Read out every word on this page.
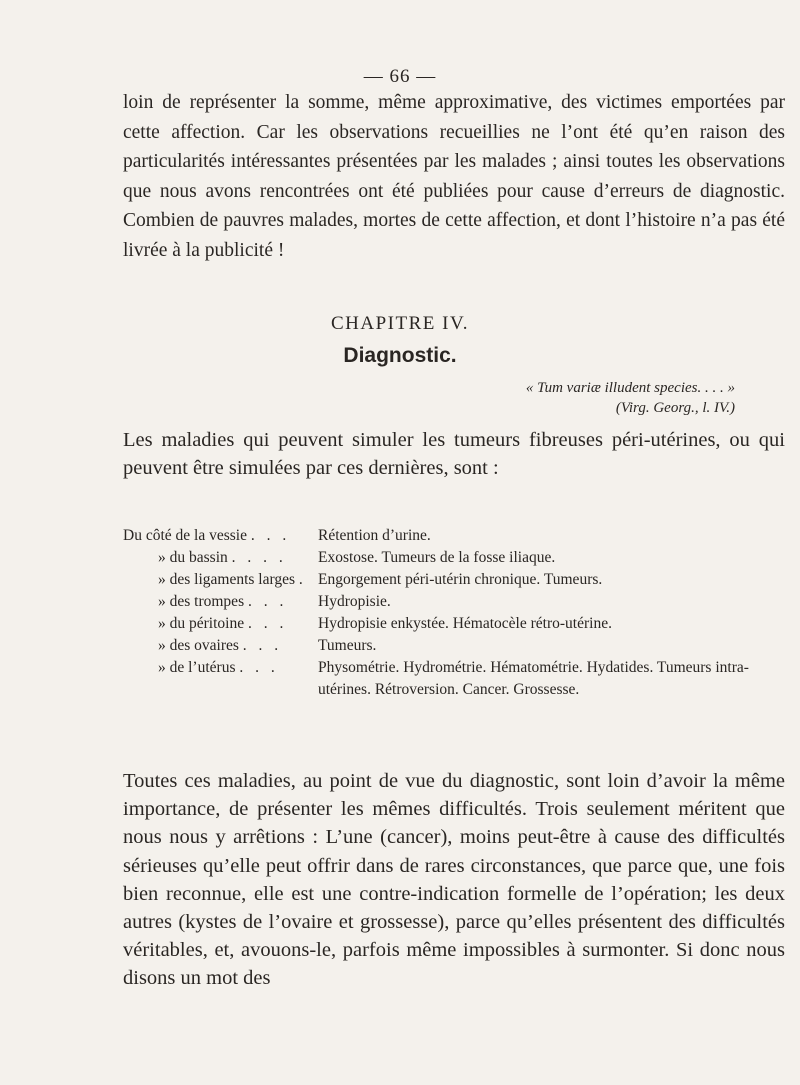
— 66 —
loin de représenter la somme, même approximative, des victimes emportées par cette affection. Car les observations recueillies ne l’ont été qu’en raison des particularités intéressantes présentées par les malades ; ainsi toutes les observations que nous avons rencontrées ont été publiées pour cause d’erreurs de diagnostic. Combien de pauvres malades, mortes de cette affection, et dont l’histoire n’a pas été livrée à la publicité !
CHAPITRE IV.
Diagnostic.
« Tum variæ illudent species. . . . »
(Virg. Georg., l. IV.)
Les maladies qui peuvent simuler les tumeurs fibreuses péri-utérines, ou qui peuvent être simulées par ces dernières, sont :
Du côté de la vessie . . .	Rétention d’urine.
» du bassin . . . .	Exostose. Tumeurs de la fosse iliaque.
» des ligaments larges . Engorgement péri-utérin chronique. Tumeurs.
» des trompes . . .	Hydropisie.
» du péritoine . . .	Hydropisie enkystée. Hématocèle rétro-utérine.
» des ovaires . . .	Tumeurs.
» de l’utérus . . .	Physométrie. Hydrométrie. Hématométrie. Hydatides. Tumeurs intra-utérines. Rétroversion. Cancer. Grossesse.
Toutes ces maladies, au point de vue du diagnostic, sont loin d’avoir la même importance, de présenter les mêmes difficultés. Trois seulement méritent que nous nous y arrêtions : L’une (cancer), moins peut-être à cause des difficultés sérieuses qu’elle peut offrir dans de rares circonstances, que parce que, une fois bien reconnue, elle est une contre-indication formelle de l’opération; les deux autres (kystes de l’ovaire et grossesse), parce qu’elles présentent des difficultés véritables, et, avouons-le, parfois même impossibles à surmonter. Si donc nous disons un mot des
